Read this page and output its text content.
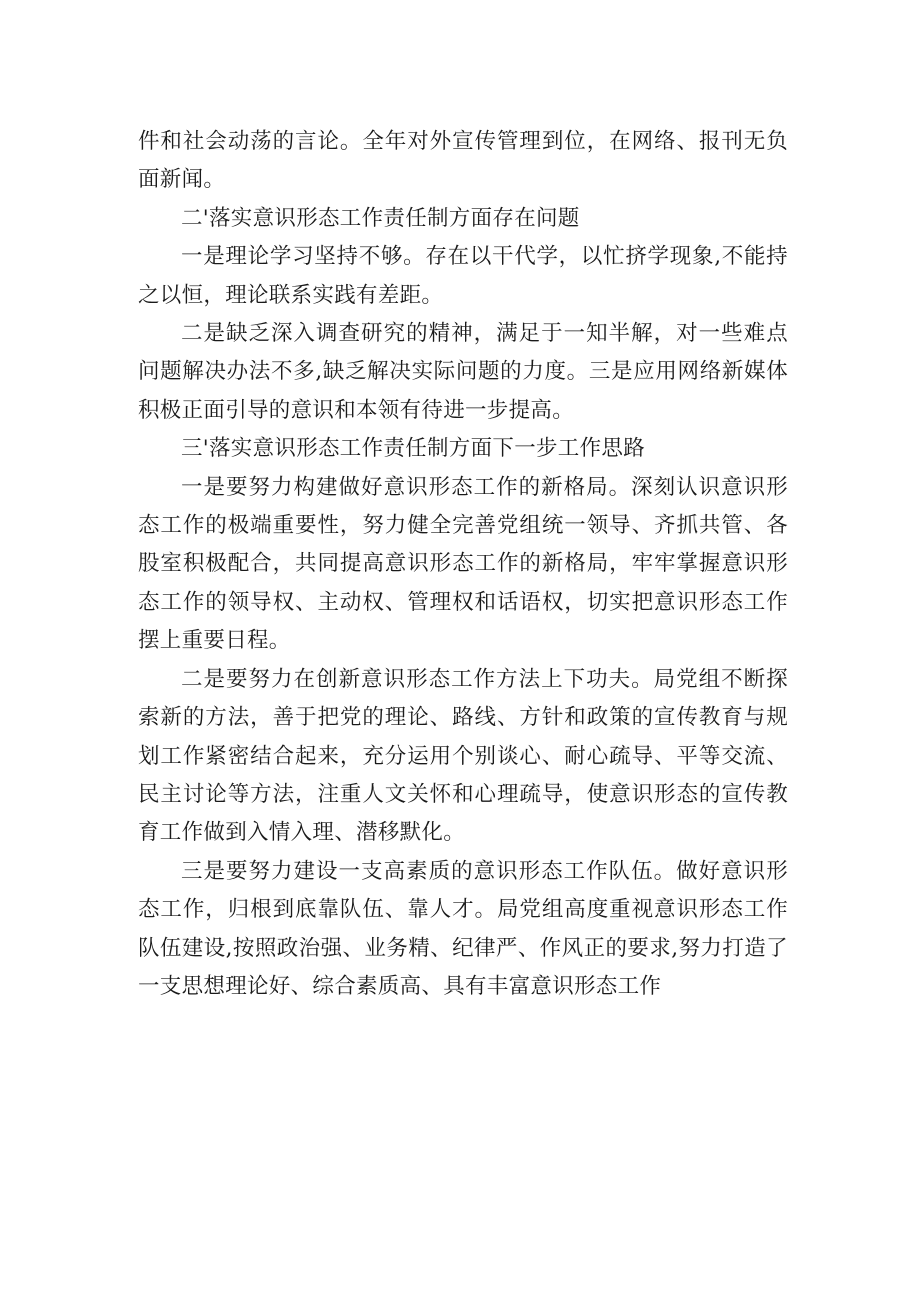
件和社会动荡的言论。全年对外宣传管理到位，在网络、报刊无负面新闻。

二'落实意识形态工作责任制方面存在问题

一是理论学习坚持不够。存在以干代学，以忙挤学现象,不能持之以恒，理论联系实践有差距。

二是缺乏深入调查研究的精神，满足于一知半解，对一些难点问题解决办法不多,缺乏解决实际问题的力度。三是应用网络新媒体积极正面引导的意识和本领有待进一步提高。

三'落实意识形态工作责任制方面下一步工作思路

一是要努力构建做好意识形态工作的新格局。深刻认识意识形态工作的极端重要性，努力健全完善党组统一领导、齐抓共管、各股室积极配合，共同提高意识形态工作的新格局，牢牢掌握意识形态工作的领导权、主动权、管理权和话语权，切实把意识形态工作摆上重要日程。

二是要努力在创新意识形态工作方法上下功夫。局党组不断探索新的方法，善于把党的理论、路线、方针和政策的宣传教育与规划工作紧密结合起来，充分运用个别谈心、耐心疏导、平等交流、民主讨论等方法，注重人文关怀和心理疏导，使意识形态的宣传教育工作做到入情入理、潜移默化。

三是要努力建设一支高素质的意识形态工作队伍。做好意识形态工作，归根到底靠队伍、靠人才。局党组高度重视意识形态工作队伍建设,按照政治强、业务精、纪律严、作风正的要求,努力打造了一支思想理论好、综合素质高、具有丰富意识形态工作
